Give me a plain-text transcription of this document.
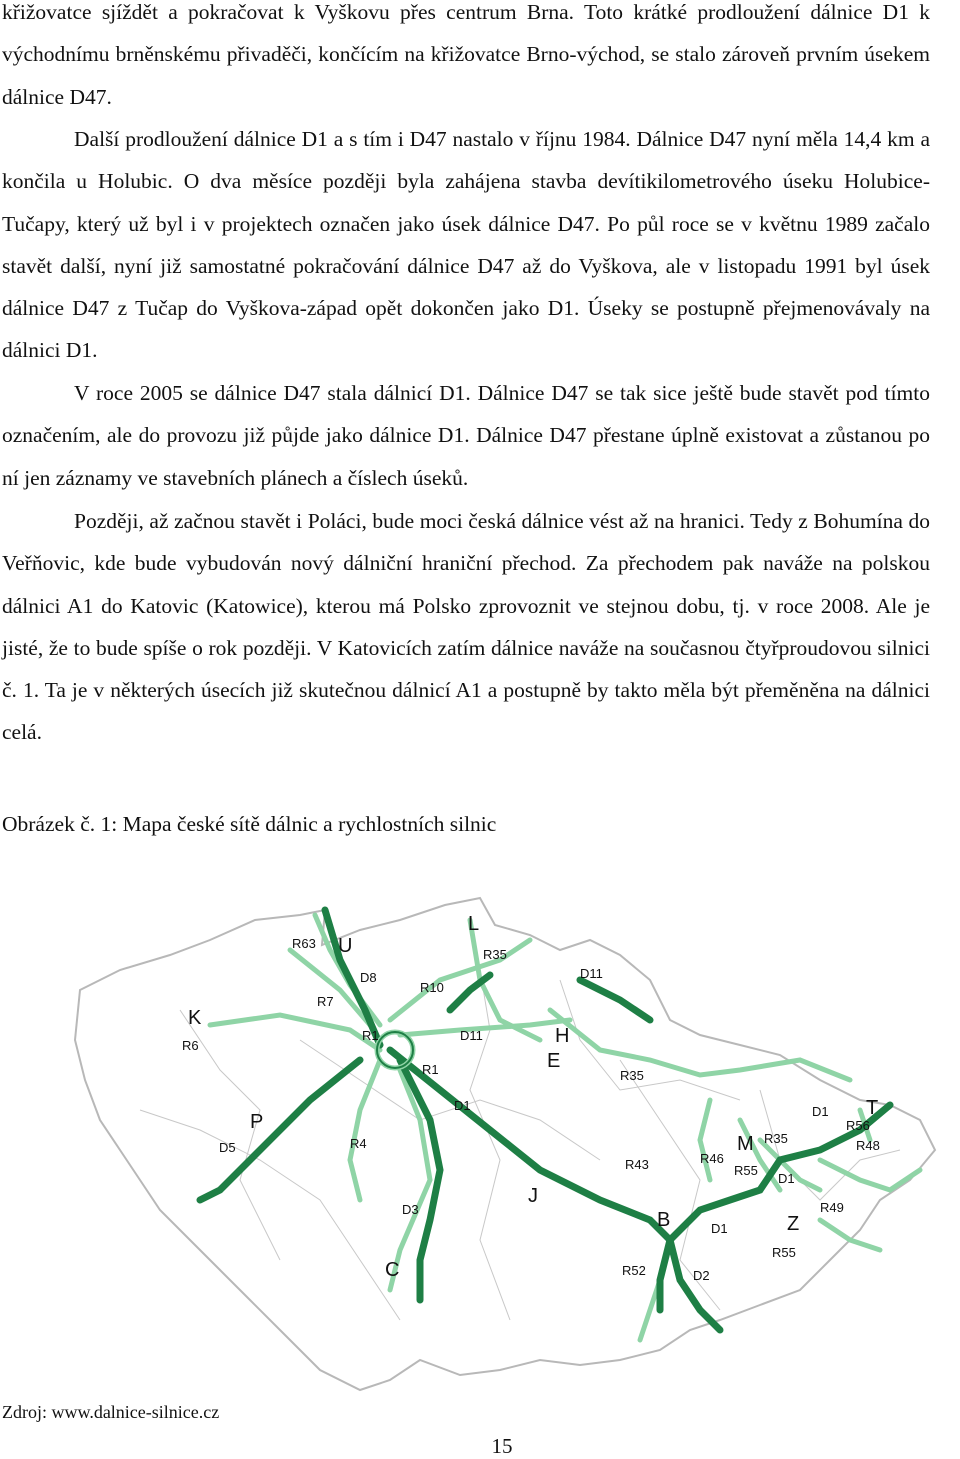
křižovatce sjíždět a pokračovat k Vyškovu přes centrum Brna. Toto krátké prodloužení dálnice D1 k východnímu brněnskému přivaděči, končícím na křižovatce Brno-východ, se stalo zároveň prvním úsekem dálnice D47.

Další prodloužení dálnice D1 a s tím i D47 nastalo v říjnu 1984. Dálnice D47 nyní měla 14,4 km a končila u Holubic. O dva měsíce později byla zahájena stavba devítikilometrového úseku Holubice-Tučapy, který už byl i v projektech označen jako úsek dálnice D47. Po půl roce se v květnu 1989 začalo stavět další, nyní již samostatné pokračování dálnice D47 až do Vyškova, ale v listopadu 1991 byl úsek dálnice D47 z Tučap do Vyškova-západ opět dokončen jako D1. Úseky se postupně přejmenovávaly na dálnici D1.

V roce 2005 se dálnice D47 stala dálnicí D1. Dálnice D47 se tak sice ještě bude stavět pod tímto označením, ale do provozu již půjde jako dálnice D1. Dálnice D47 přestane úplně existovat a zůstanou po ní jen záznamy ve stavebních plánech a číslech úseků.

Později, až začnou stavět i Poláci, bude moci česká dálnice vést až na hranici. Tedy z Bohumína do Veřňovic, kde bude vybudován nový dálniční hraniční přechod. Za přechodem pak naváže na polskou dálnici A1 do Katovic (Katowice), kterou má Polsko zprovoznit ve stejnou dobu, tj. v roce 2008. Ale je jisté, že to bude spíše o rok později. V Katovicích zatím dálnice naváže na současnou čtyřproudovou silnici č. 1. Ta je v některých úsecích již skutečnou dálnicí A1 a postupně by takto měla být přeměněna na dálnici celá.

Obrázek č. 1: Mapa české sítě dálnic a rychlostních silnic

U
L
K
H
E
P
M
T
J
B	Z
C
R63
D8
R35
D11
R7
R10
R6
R1	D11
R1	R35
D1	D1
R56
R48
R35
R46
R55
R43
D1
R4
D5
D3
D1
R49
R55
R52	D2

Zdroj: www.dalnice-silnice.cz

15
